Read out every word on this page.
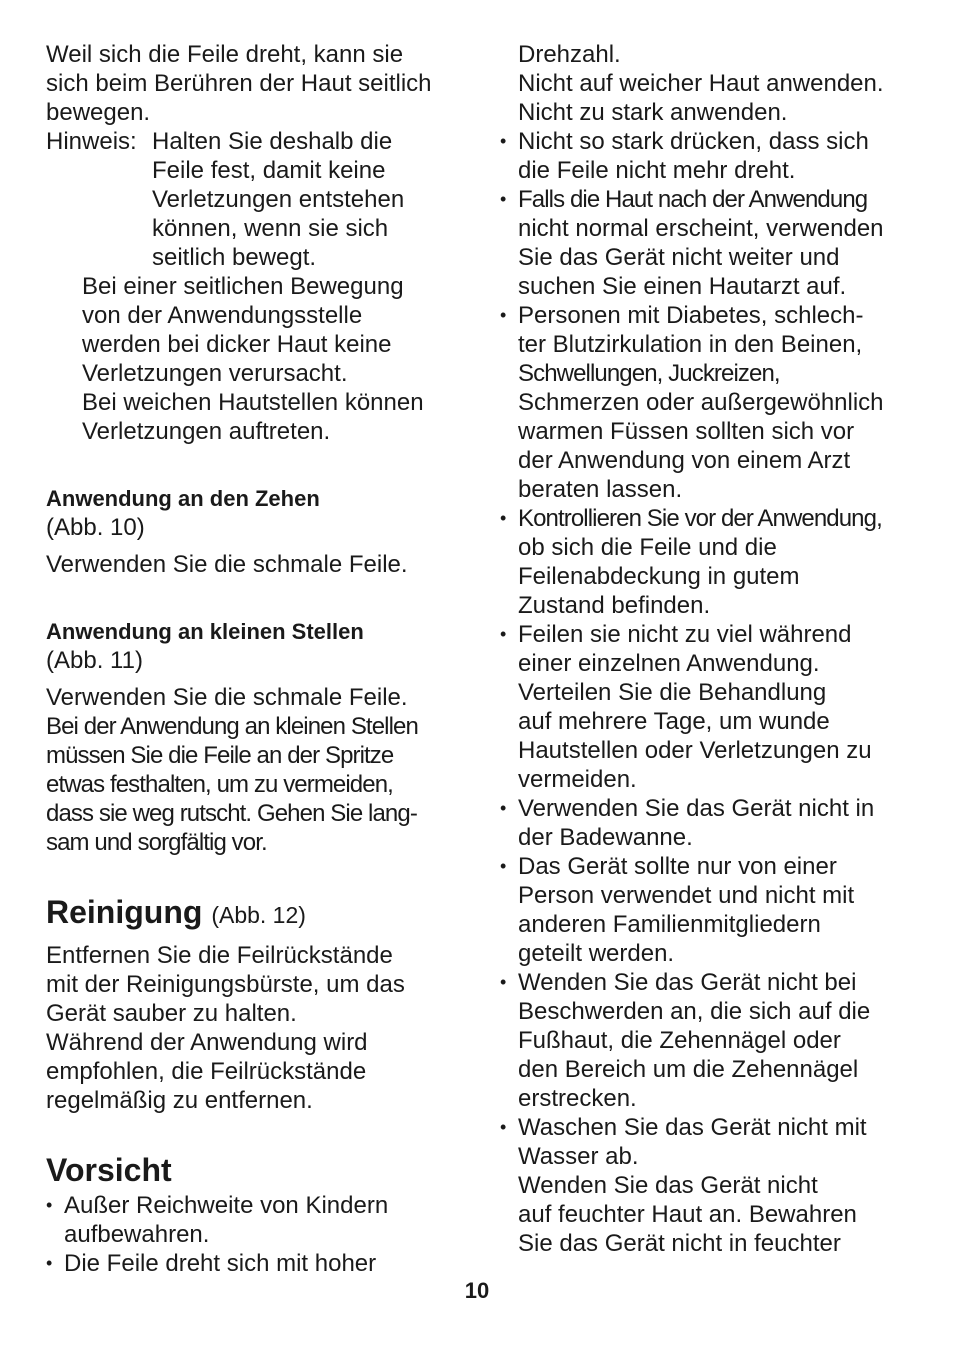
Weil sich die Feile dreht, kann sie
sich beim Berühren der Haut seitlich
bewegen.
Hinweis: Halten Sie deshalb die
Feile fest, damit keine
Verletzungen entstehen
können, wenn sie sich
seitlich bewegt.
Bei einer seitlichen Bewegung
von der Anwendungsstelle
werden bei dicker Haut keine
Verletzungen verursacht.
Bei weichen Hautstellen können
Verletzungen auftreten.
Anwendung an den Zehen
(Abb. 10)
Verwenden Sie die schmale Feile.
Anwendung an kleinen Stellen
(Abb. 11)
Verwenden Sie die schmale Feile.
Bei der Anwendung an kleinen Stellen
müssen Sie die Feile an der Spritze
etwas festhalten, um zu vermeiden,
dass sie weg rutscht. Gehen Sie lang-
sam und sorgfältig vor.
Reinigung (Abb. 12)
Entfernen Sie die Feilrückstände
mit der Reinigungsbürste, um das
Gerät sauber zu halten.
Während der Anwendung wird
empfohlen, die Feilrückstände
regelmäßig zu entfernen.
Vorsicht
• Außer Reichweite von Kindern
aufbewahren.
• Die Feile dreht sich mit hoher
Drehzahl.
Nicht auf weicher Haut anwenden.
Nicht zu stark anwenden.
• Nicht so stark drücken, dass sich
die Feile nicht mehr dreht.
• Falls die Haut nach der Anwendung
nicht normal erscheint, verwenden
Sie das Gerät nicht weiter und
suchen Sie einen Hautarzt auf.
• Personen mit Diabetes, schlech-
ter Blutzirkulation in den Beinen,
Schwellungen, Juckreizen,
Schmerzen oder außergewöhnlich
warmen Füssen sollten sich vor
der Anwendung von einem Arzt
beraten lassen.
• Kontrollieren Sie vor der Anwendung,
ob sich die Feile und die
Feilenabdeckung in gutem
Zustand befinden.
• Feilen sie nicht zu viel während
einer einzelnen Anwendung.
Verteilen Sie die Behandlung
auf mehrere Tage, um wunde
Hautstellen oder Verletzungen zu
vermeiden.
• Verwenden Sie das Gerät nicht in
der Badewanne.
• Das Gerät sollte nur von einer
Person verwendet und nicht mit
anderen Familienmitgliedern
geteilt werden.
• Wenden Sie das Gerät nicht bei
Beschwerden an, die sich auf die
Fußhaut, die Zehennägel oder
den Bereich um die Zehennägel
erstrecken.
• Waschen Sie das Gerät nicht mit
Wasser ab.
Wenden Sie das Gerät nicht
auf feuchter Haut an. Bewahren
Sie das Gerät nicht in feuchter
10
